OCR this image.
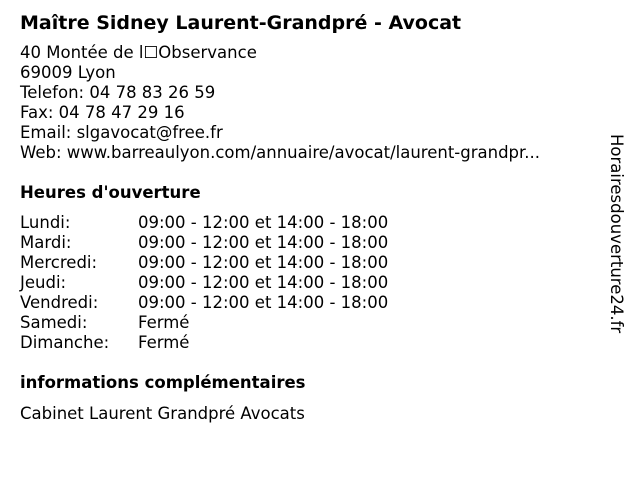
Maître Sidney Laurent-Grandpré - Avocat
40 Montée de l☐Observance
69009 Lyon
Telefon: 04 78 83 26 59
Fax: 04 78 47 29 16
Email: slgavocat@free.fr
Web: www.barreaulyon.com/annuaire/avocat/laurent-grandpr...
Heures d'ouverture
Lundi:	09:00 - 12:00 et 14:00 - 18:00
Mardi:	09:00 - 12:00 et 14:00 - 18:00
Mercredi: 09:00 - 12:00 et 14:00 - 18:00
Jeudi:	09:00 - 12:00 et 14:00 - 18:00
Vendredi: 09:00 - 12:00 et 14:00 - 18:00
Samedi:	Fermé
Dimanche: Fermé
informations complémentaires
Cabinet Laurent Grandpré Avocats
Horairesdouverture24.fr
